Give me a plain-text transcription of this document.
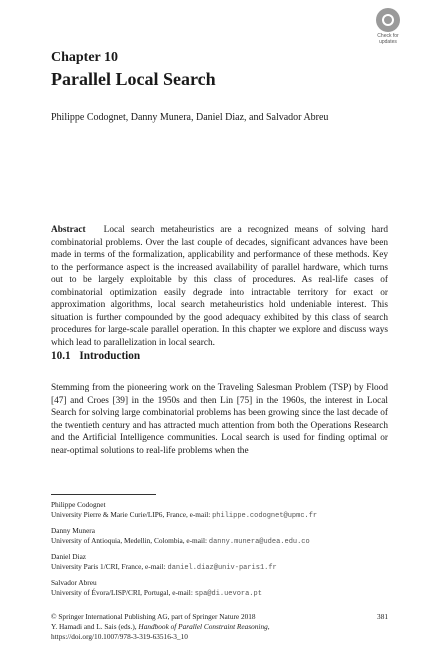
Check for
updates
Chapter 10
Parallel Local Search
Philippe Codognet, Danny Munera, Daniel Diaz, and Salvador Abreu
Abstract Local search metaheuristics are a recognized means of solving hard combinatorial problems. Over the last couple of decades, significant advances have been made in terms of the formalization, applicability and performance of these methods. Key to the performance aspect is the increased availability of parallel hardware, which turns out to be largely exploitable by this class of procedures. As real-life cases of combinatorial optimization easily degrade into intractable territory for exact or approximation algorithms, local search metaheuristics hold undeniable interest. This situation is further compounded by the good adequacy exhibited by this class of search procedures for large-scale parallel operation. In this chapter we explore and discuss ways which lead to parallelization in local search.
10.1 Introduction
Stemming from the pioneering work on the Traveling Salesman Problem (TSP) by Flood [47] and Croes [39] in the 1950s and then Lin [75] in the 1960s, the interest in Local Search for solving large combinatorial problems has been growing since the last decade of the twentieth century and has attracted much attention from both the Operations Research and the Artificial Intelligence communities. Local search is used for finding optimal or near-optimal solutions to real-life problems when the
Philippe Codognet
University Pierre & Marie Curie/LIP6, France, e-mail: philippe.codognet@upmc.fr
Danny Munera
University of Antioquia, Medellin, Colombia, e-mail: danny.munera@udea.edu.co
Daniel Diaz
University Paris 1/CRI, France, e-mail: daniel.diaz@univ-paris1.fr
Salvador Abreu
University of Évora/LISP/CRI, Portugal, e-mail: spa@di.uevora.pt
381
© Springer International Publishing AG, part of Springer Nature 2018
Y. Hamadi and L. Sais (eds.), Handbook of Parallel Constraint Reasoning,
https://doi.org/10.1007/978-3-319-63516-3_10
